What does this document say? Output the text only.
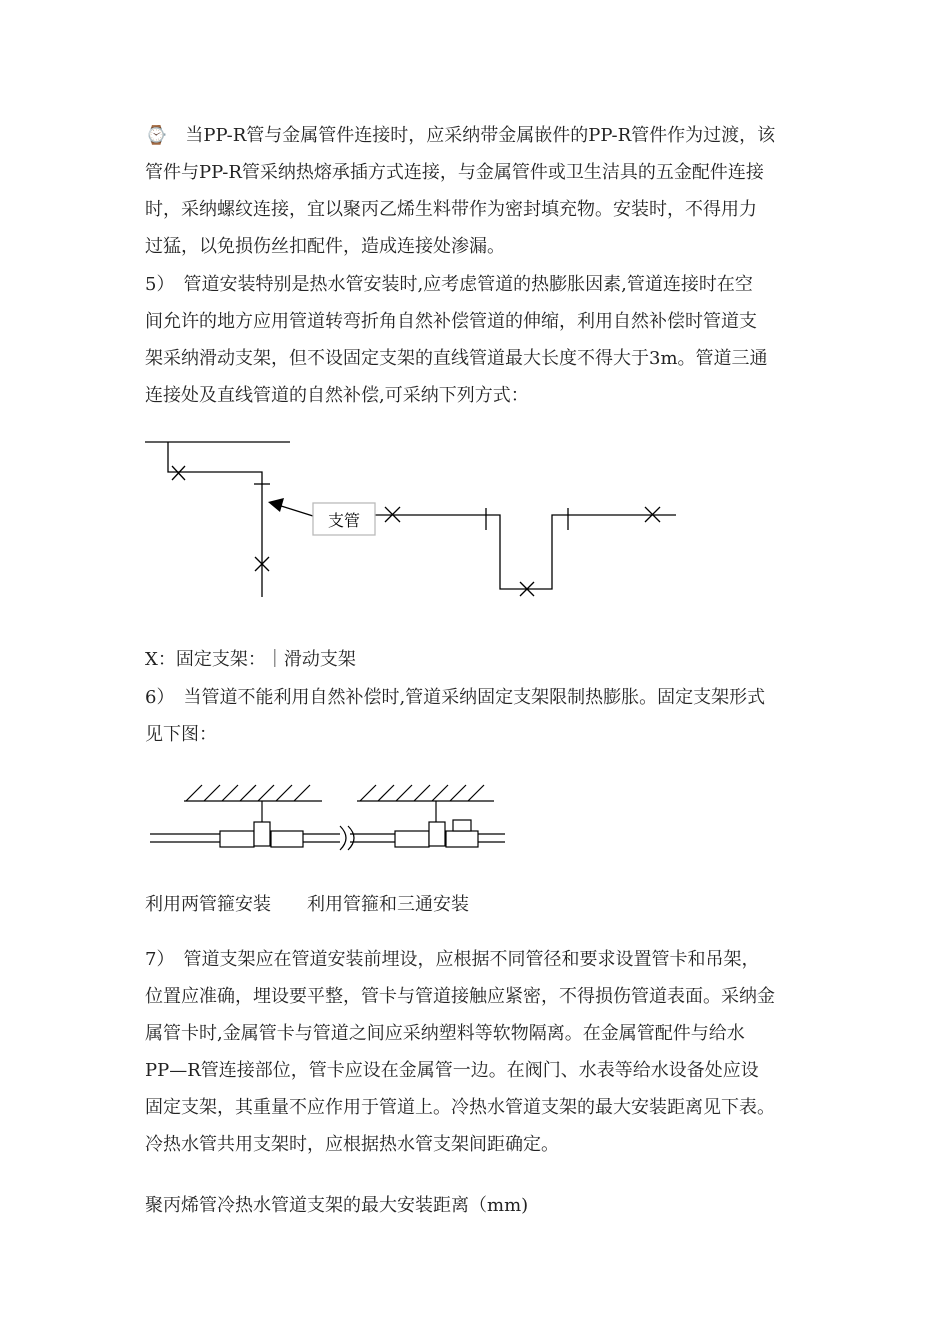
⌚　当PP-R管与金属管件连接时，应采纳带金属嵌件的PP-R管件作为过渡，该
管件与PP-R管采纳热熔承插方式连接，与金属管件或卫生洁具的五金配件连接
时，采纳螺纹连接，宜以聚丙乙烯生料带作为密封填充物。安装时，不得用力
过猛，以免损伤丝扣配件，造成连接处渗漏。
5）　管道安装特别是热水管安装时,应考虑管道的热膨胀因素,管道连接时在空
间允许的地方应用管道转弯折角自然补偿管道的伸缩，利用自然补偿时管道支
架采纳滑动支架，但不设固定支架的直线管道最大长度不得大于3m。管道三通
连接处及直线管道的自然补偿,可采纳下列方式：
支管
X：固定支架：｜滑动支架
6）　当管道不能利用自然补偿时,管道采纳固定支架限制热膨胀。固定支架形式
见下图：
利用两管箍安装 利用管箍和三通安装
7）　管道支架应在管道安装前埋设，应根据不同管径和要求设置管卡和吊架，
位置应准确，埋设要平整，管卡与管道接触应紧密，不得损伤管道表面。采纳金
属管卡时,金属管卡与管道之间应采纳塑料等软物隔离。在金属管配件与给水
PP—R管连接部位，管卡应设在金属管一边。在阀门、水表等给水设备处应设
固定支架，其重量不应作用于管道上。冷热水管道支架的最大安装距离见下表。
冷热水管共用支架时，应根据热水管支架间距确定。
聚丙烯管冷热水管道支架的最大安装距离（mm)
